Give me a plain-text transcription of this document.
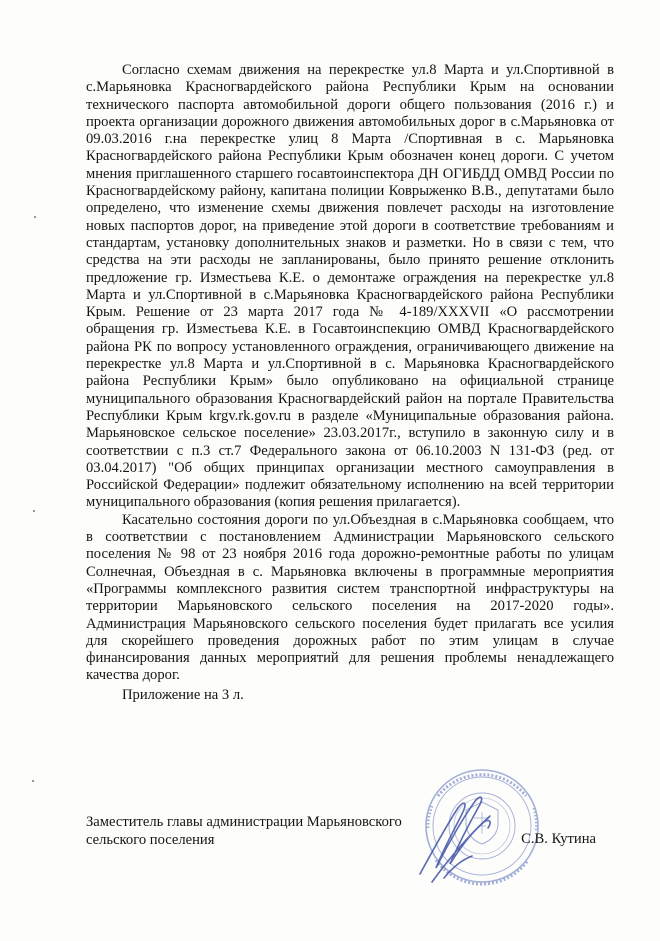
Согласно схемам движения на перекрестке ул.8 Марта и ул.Спортивной в с.Марьяновка Красногвардейского района Республики Крым на основании технического паспорта автомобильной дороги общего пользования (2016 г.) и проекта организации дорожного движения автомобильных дорог в с.Марьяновка от 09.03.2016 г.на перекрестке улиц 8 Марта /Спортивная в с. Марьяновка Красногвардейского района Республики Крым обозначен конец дороги. С учетом мнения приглашенного старшего госавтоинспектора ДН ОГИБДД ОМВД России по Красногвардейскому району, капитана полиции Коврыженко В.В., депутатами было определено, что изменение схемы движения повлечет расходы на изготовление новых паспортов дорог, на приведение этой дороги в соответствие требованиям и стандартам, установку дополнительных знаков и разметки. Но в связи с тем, что средства на эти расходы не запланированы, было принято решение отклонить предложение гр. Изместьева К.Е. о демонтаже ограждения на перекрестке ул.8 Марта и ул.Спортивной в с.Марьяновка Красногвардейского района Республики Крым. Решение от 23 марта 2017 года № 4-189/XXXVII «О рассмотрении обращения гр. Изместьева К.Е. в Госавтоинспекцию ОМВД Красногвардейского района РК по вопросу установленного ограждения, ограничивающего движение на перекрестке ул.8 Марта и ул.Спортивной в с. Марьяновка Красногвардейского района Республики Крым» было опубликовано на официальной странице муниципального образования Красногвардейский район на портале Правительства Республики Крым krgv.rk.gov.ru в разделе «Муниципальные образования района. Марьяновское сельское поселение» 23.03.2017г., вступило в законную силу и в соответствии с п.3 ст.7 Федерального закона от 06.10.2003 N 131-ФЗ (ред. от 03.04.2017) "Об общих принципах организации местного самоуправления в Российской Федерации» подлежит обязательному исполнению на всей территории муниципального образования (копия решения прилагается).

Касательно состояния дороги по ул.Объездная в с.Марьяновка сообщаем, что в соответствии с постановлением Администрации Марьяновского сельского поселения № 98 от 23 ноября 2016 года дорожно-ремонтные работы по улицам Солнечная, Объездная в с. Марьяновка включены в программные мероприятия «Программы комплексного развития систем транспортной инфраструктуры на территории Марьяновского сельского поселения на 2017-2020 годы». Администрация Марьяновского сельского поселения будет прилагать все усилия для скорейшего проведения дорожных работ по этим улицам в случае финансирования данных мероприятий для решения проблемы ненадлежащего качества дорог.

Приложение на 3 л.

Заместитель главы администрации Марьяновского
сельского поселения	С.В. Кутина
